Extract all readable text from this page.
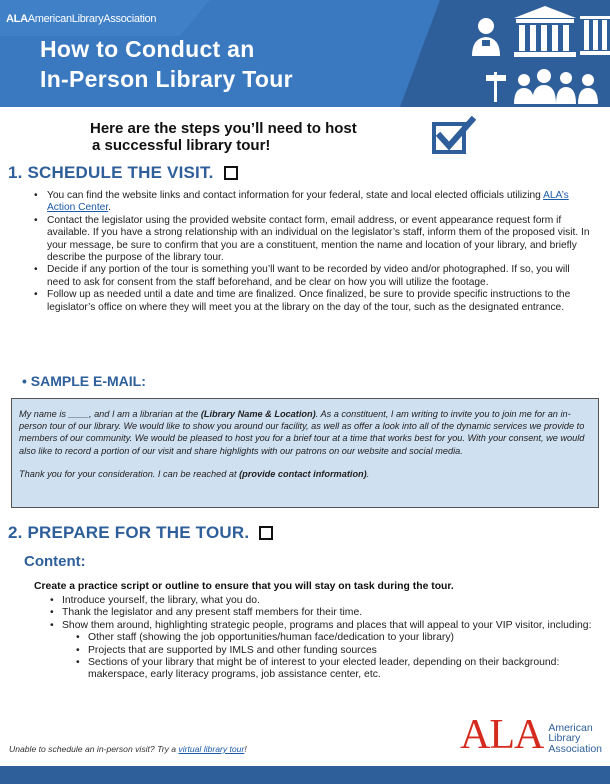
ALAAmericanLibraryAssociation
How to Conduct an
In-Person Library Tour
Here are the steps you’ll need to host
a successful library tour!
1. SCHEDULE THE VISIT.
• You can find the website links and contact information for your federal, state and local elected officials utilizing ALA’s Action Center.
• Contact the legislator using the provided website contact form, email address, or event appearance request form if available. If you have a strong relationship with an individual on the legislator’s staff, inform them of the proposed visit. In your message, be sure to confirm that you are a constituent, mention the name and location of your library, and briefly describe the purpose of the library tour.
• Decide if any portion of the tour is something you’ll want to be recorded by video and/or photographed. If so, you will need to ask for consent from the staff beforehand, and be clear on how you will utilize the footage.
• Follow up as needed until a date and time are finalized. Once finalized, be sure to provide specific instructions to the legislator’s office on where they will meet you at the library on the day of the tour, such as the designated entrance.
• SAMPLE E-MAIL:

My name is ____, and I am a librarian at the (Library Name & Location). As a constituent, I am writing to invite you to join me for an in-person tour of our library. We would like to show you around our facility, as well as offer a look into all of the dynamic services we provide to members of our community. We would be pleased to host you for a brief tour at a time that works best for you. With your consent, we would also like to record a portion of our visit and share highlights with our patrons on our website and social media.

Thank you for your consideration. I can be reached at (provide contact information).

2. PREPARE FOR THE TOUR.
Content:
Create a practice script or outline to ensure that you will stay on task during the tour.
• Introduce yourself, the library, what you do.
• Thank the legislator and any present staff members for their time.
• Show them around, highlighting strategic people, programs and places that will appeal to your VIP visitor, including:
• Other staff (showing the job opportunities/human face/dedication to your library)
• Projects that are supported by IMLS and other funding sources
• Sections of your library that might be of interest to your elected leader, depending on their background: makerspace, early literacy programs, job assistance center, etc.
Unable to schedule an in-person visit? Try a virtual library tour!	ALA American
Library
Association
